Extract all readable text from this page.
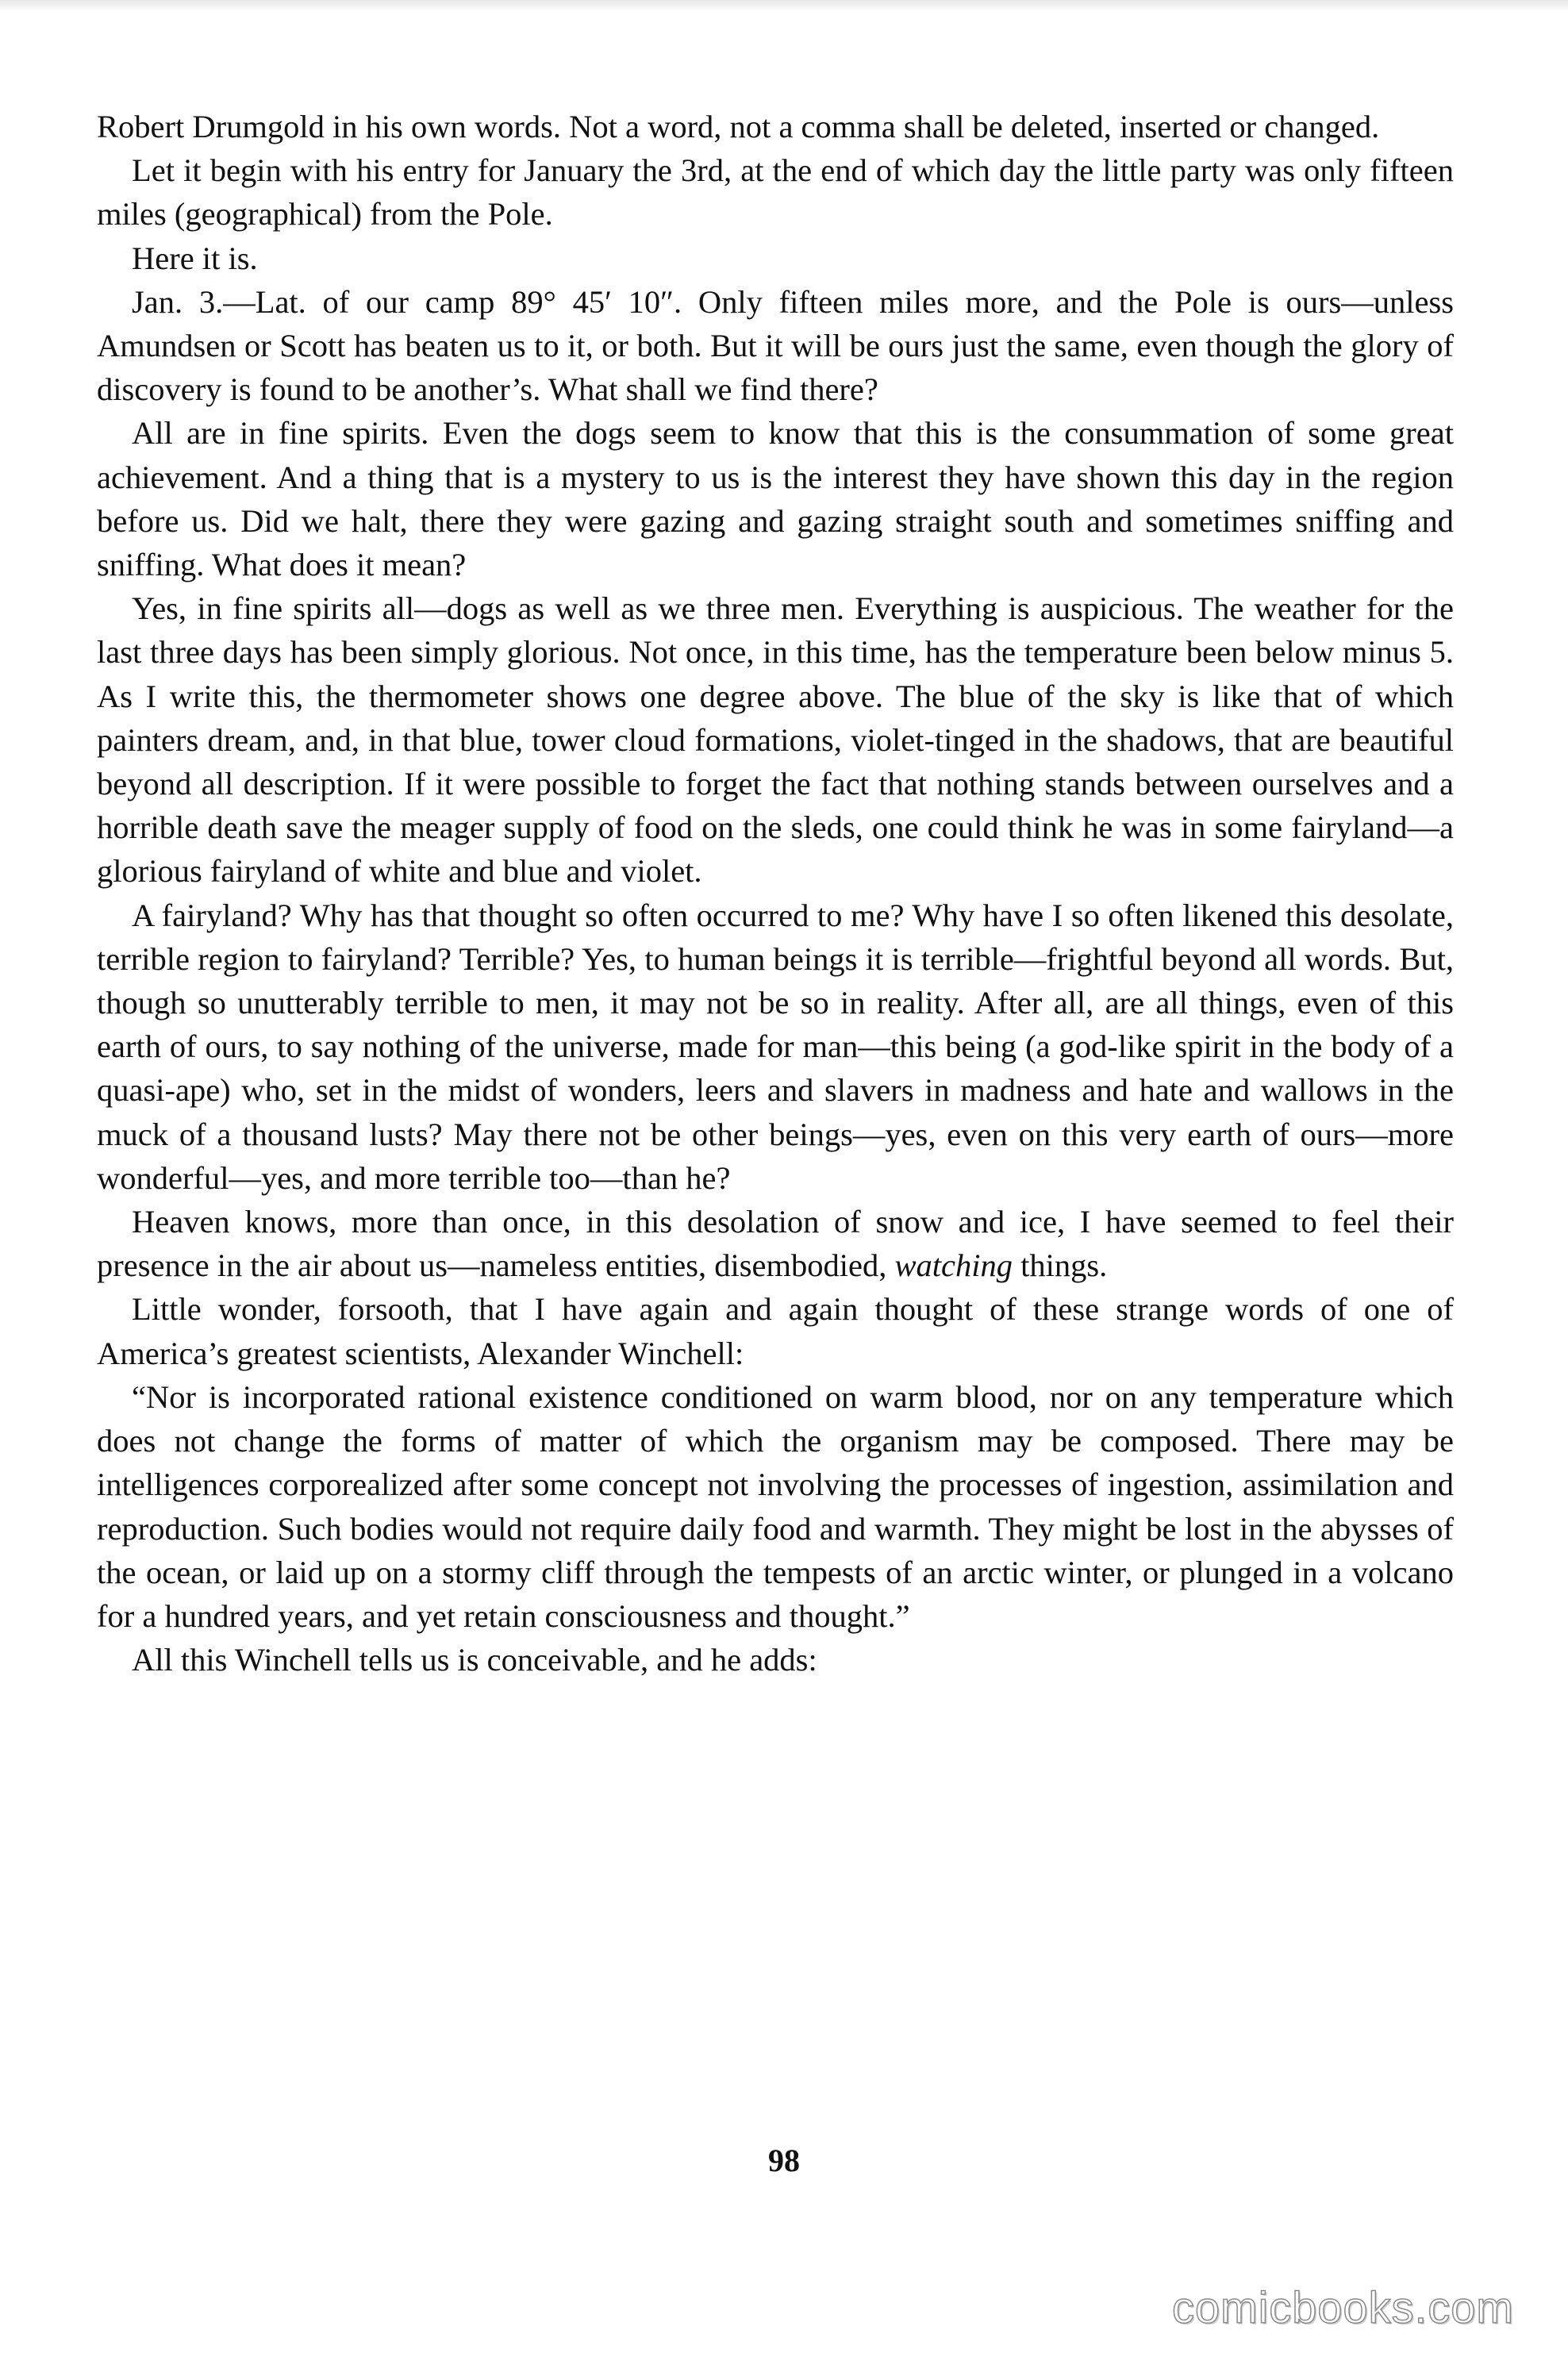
Robert Drumgold in his own words. Not a word, not a comma shall be deleted, inserted or changed.

Let it begin with his entry for January the 3rd, at the end of which day the little party was only fifteen miles (geographical) from the Pole.

Here it is.

Jan. 3.—Lat. of our camp 89° 45′ 10″. Only fifteen miles more, and the Pole is ours—unless Amundsen or Scott has beaten us to it, or both. But it will be ours just the same, even though the glory of discovery is found to be another’s. What shall we find there?

All are in fine spirits. Even the dogs seem to know that this is the consummation of some great achievement. And a thing that is a mystery to us is the interest they have shown this day in the region before us. Did we halt, there they were gazing and gazing straight south and sometimes sniffing and sniffing. What does it mean?

Yes, in fine spirits all—dogs as well as we three men. Everything is auspicious. The weather for the last three days has been simply glorious. Not once, in this time, has the temperature been below minus 5. As I write this, the thermometer shows one degree above. The blue of the sky is like that of which painters dream, and, in that blue, tower cloud formations, violet-tinged in the shadows, that are beautiful beyond all description. If it were possible to forget the fact that nothing stands between ourselves and a horrible death save the meager supply of food on the sleds, one could think he was in some fairyland—a glorious fairyland of white and blue and violet.

A fairyland? Why has that thought so often occurred to me? Why have I so often likened this desolate, terrible region to fairyland? Terrible? Yes, to human beings it is terrible—frightful beyond all words. But, though so unutterably terrible to men, it may not be so in reality. After all, are all things, even of this earth of ours, to say nothing of the universe, made for man—this being (a god-like spirit in the body of a quasi-ape) who, set in the midst of wonders, leers and slavers in madness and hate and wallows in the muck of a thousand lusts? May there not be other beings—yes, even on this very earth of ours—more wonderful—yes, and more terrible too—than he?

Heaven knows, more than once, in this desolation of snow and ice, I have seemed to feel their presence in the air about us—nameless entities, disembodied, watching things.

Little wonder, forsooth, that I have again and again thought of these strange words of one of America’s greatest scientists, Alexander Winchell:

“Nor is incorporated rational existence conditioned on warm blood, nor on any temperature which does not change the forms of matter of which the organism may be composed. There may be intelligences corporealized after some concept not involving the processes of ingestion, assimilation and reproduction. Such bodies would not require daily food and warmth. They might be lost in the abysses of the ocean, or laid up on a stormy cliff through the tempests of an arctic winter, or plunged in a volcano for a hundred years, and yet retain consciousness and thought.”

All this Winchell tells us is conceivable, and he adds:

98
comicbooks.com
